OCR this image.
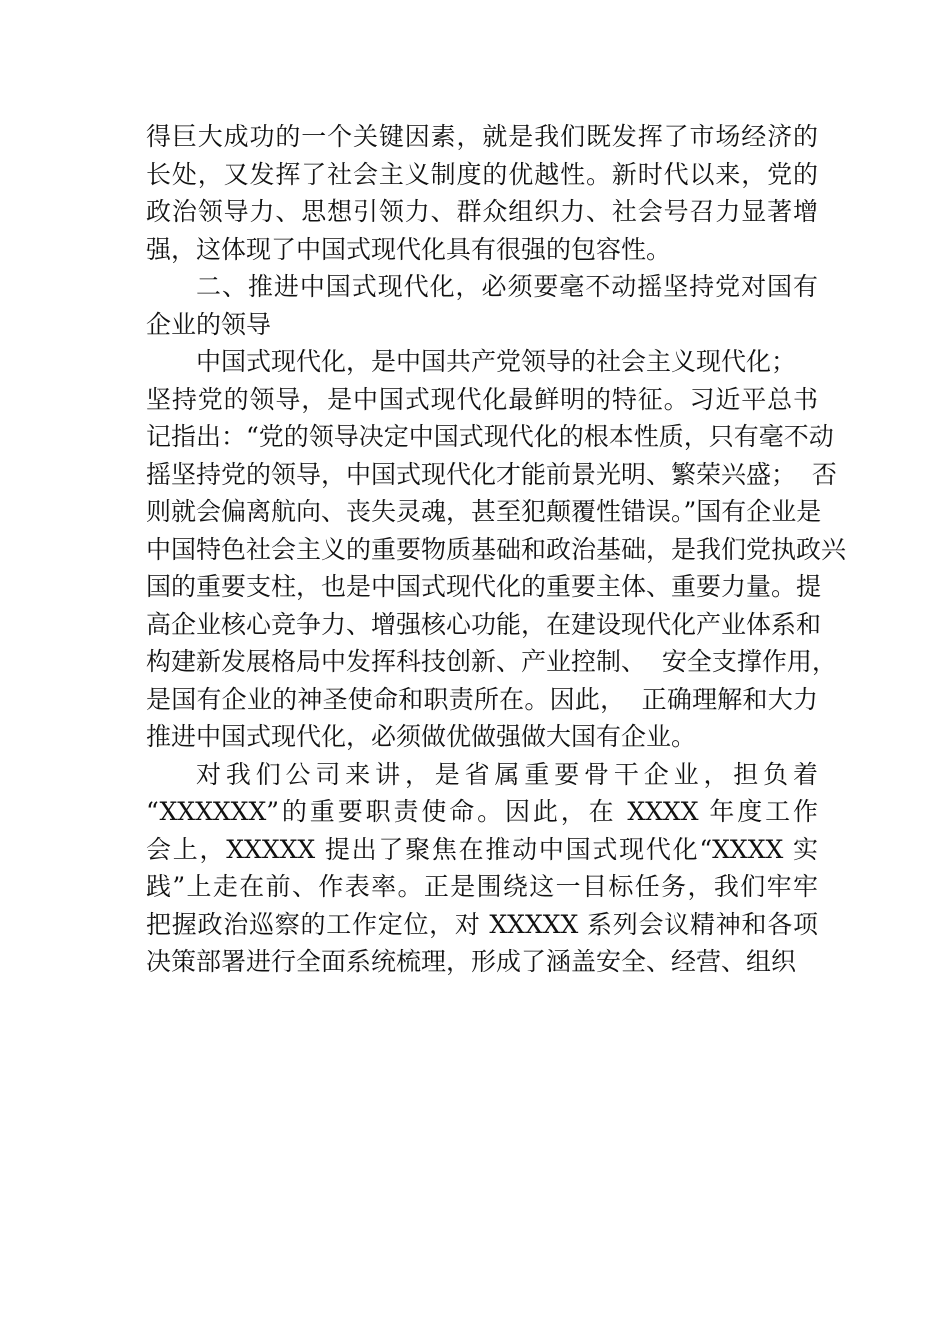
得巨大成功的一个关键因素，就是我们既发挥了市场经济的
长处，又发挥了社会主义制度的优越性。新时代以来，党的
政治领导力、思想引领力、群众组织力、社会号召力显著增
强，这体现了中国式现代化具有很强的包容性。
二、推进中国式现代化，必须要毫不动摇坚持党对国有
企业的领导
中国式现代化，是中国共产党领导的社会主义现代化；
坚持党的领导，是中国式现代化最鲜明的特征。习近平总书
记指出：“党的领导决定中国式现代化的根本性质，只有毫不动
摇坚持党的领导，中国式现代化才能前景光明、繁荣兴盛；  否
则就会偏离航向、丧失灵魂，甚至犯颠覆性错误。”国有企业是
中国特色社会主义的重要物质基础和政治基础，是我们党执政兴
国的重要支柱，也是中国式现代化的重要主体、重要力量。提
高企业核心竞争力、增强核心功能，在建设现代化产业体系和
构建新发展格局中发挥科技创新、产业控制、  安全支撑作用，
是国有企业的神圣使命和职责所在。因此，  正确理解和大力
推进中国式现代化，必须做优做强做大国有企业。
对我们公司来讲，是省属重要骨干企业，担负着
“XXXXXX”的重要职责使命。因此，在 XXXX 年度工作
会上，XXXXX 提出了聚焦在推动中国式现代化“XXXX 实
践”上走在前、作表率。正是围绕这一目标任务，我们牢牢
把握政治巡察的工作定位，对 XXXXX 系列会议精神和各项
决策部署进行全面系统梳理，形成了涵盖安全、经营、组织
